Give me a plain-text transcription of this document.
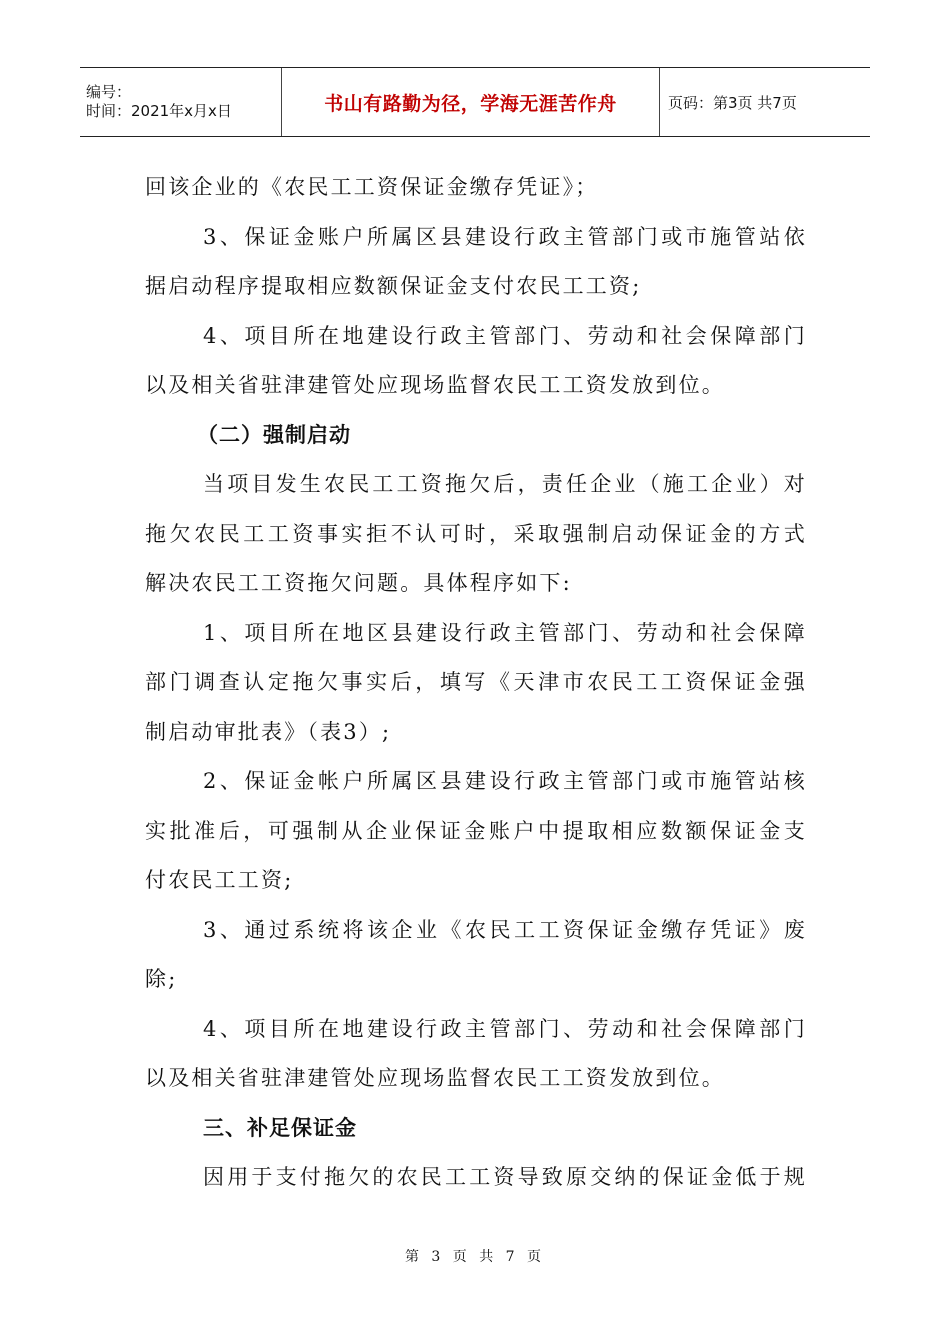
编号：
时间：2021年x月x日	书山有路勤为径，学海无涯苦作舟	页码：第3页 共7页

回该企业的《农民工工资保证金缴存凭证》；

3、保证金账户所属区县建设行政主管部门或市施管站依

据启动程序提取相应数额保证金支付农民工工资;

4、项目所在地建设行政主管部门、劳动和社会保障部门

以及相关省驻津建管处应现场监督农民工工资发放到位。

（二）强制启动

当项目发生农民工工资拖欠后，责任企业（施工企业）对

拖欠农民工工资事实拒不认可时，采取强制启动保证金的方式

解决农民工工资拖欠问题。具体程序如下:

1、项目所在地区县建设行政主管部门、劳动和社会保障

部门调查认定拖欠事实后，填写《天津市农民工工资保证金强

制启动审批表》（表3）;

2、保证金帐户所属区县建设行政主管部门或市施管站核

实批准后，可强制从企业保证金账户中提取相应数额保证金支

付农民工工资;

3、通过系统将该企业《农民工工资保证金缴存凭证》废

除;

4、项目所在地建设行政主管部门、劳动和社会保障部门

以及相关省驻津建管处应现场监督农民工工资发放到位。

三、补足保证金

因用于支付拖欠的农民工工资导致原交纳的保证金低于规

第 3 页 共 7 页
